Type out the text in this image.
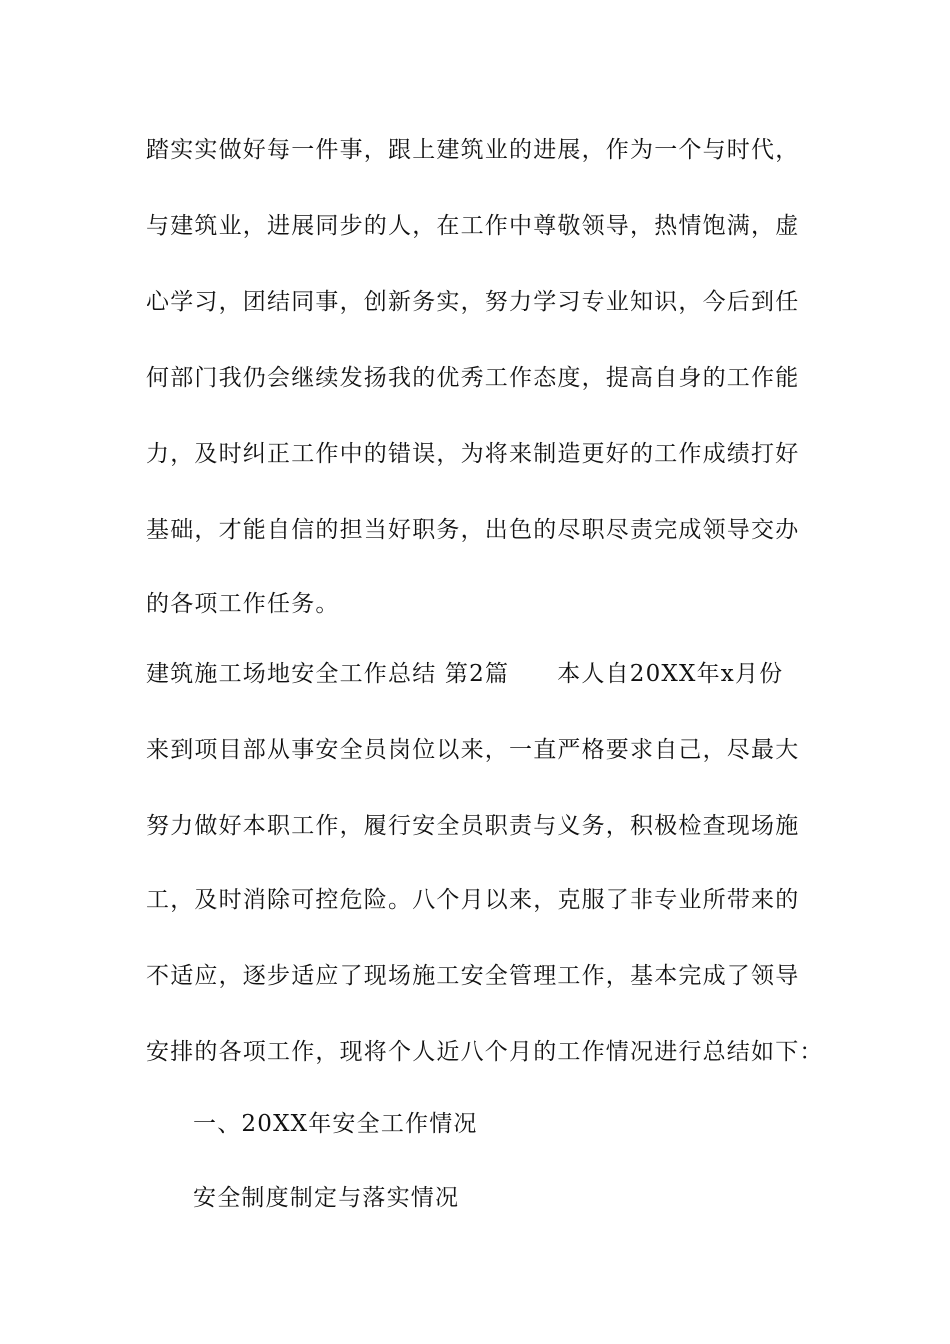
踏实实做好每一件事，跟上建筑业的进展，作为一个与时代，
与建筑业，进展同步的人，在工作中尊敬领导，热情饱满，虚
心学习，团结同事，创新务实，努力学习专业知识，今后到任
何部门我仍会继续发扬我的优秀工作态度，提高自身的工作能
力，及时纠正工作中的错误，为将来制造更好的工作成绩打好
基础，才能自信的担当好职务，出色的尽职尽责完成领导交办
的各项工作任务。
建筑施工场地安全工作总结 第2篇 本人自20XX年x月份
来到项目部从事安全员岗位以来，一直严格要求自己，尽最大
努力做好本职工作，履行安全员职责与义务，积极检查现场施
工，及时消除可控危险。八个月以来，克服了非专业所带来的
不适应，逐步适应了现场施工安全管理工作，基本完成了领导
安排的各项工作，现将个人近八个月的工作情况进行总结如下：
一、20XX年安全工作情况
安全制度制定与落实情况
